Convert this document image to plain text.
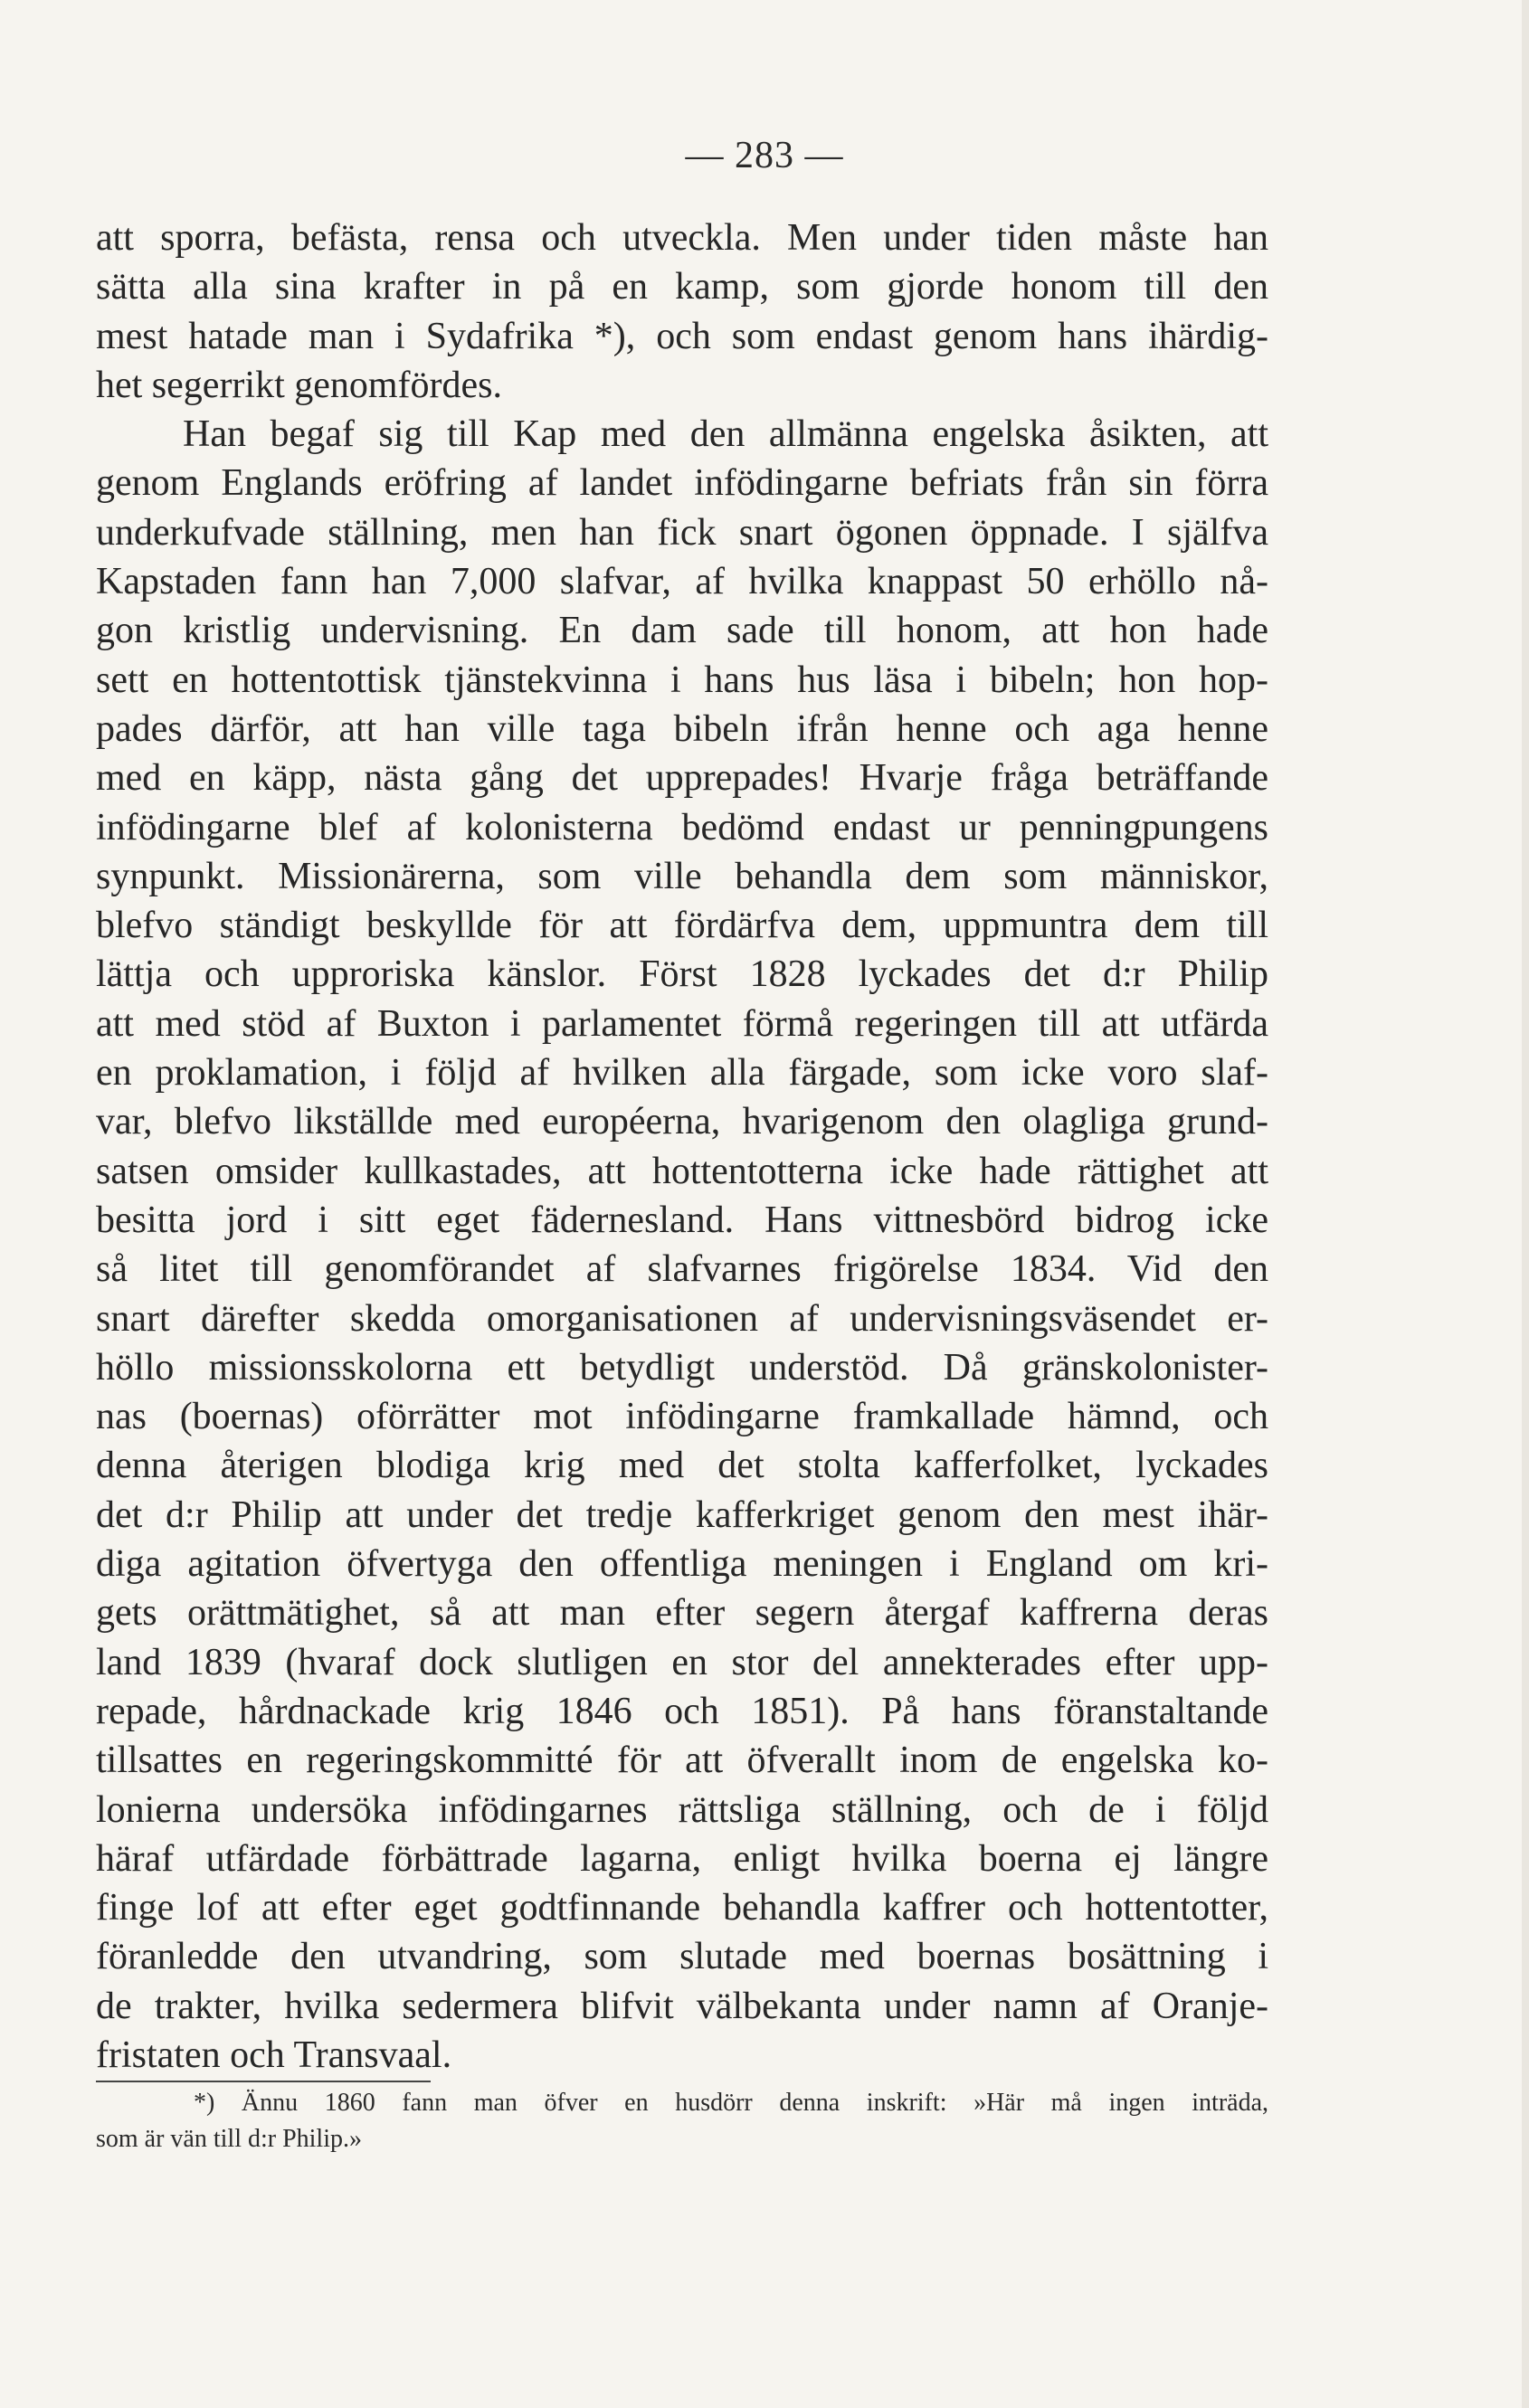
— 283 —
att sporra, befästa, rensa och utveckla. Men under tiden måste han
sätta alla sina krafter in på en kamp, som gjorde honom till den
mest hatade man i Sydafrika *), och som endast genom hans ihärdig-
het segerrikt genomfördes.
Han begaf sig till Kap med den allmänna engelska åsikten, att
genom Englands eröfring af landet infödingarne befriats från sin förra
underkufvade ställning, men han fick snart ögonen öppnade. I själfva
Kapstaden fann han 7,000 slafvar, af hvilka knappast 50 erhöllo nå-
gon kristlig undervisning. En dam sade till honom, att hon hade
sett en hottentottisk tjänstekvinna i hans hus läsa i bibeln; hon hop-
pades därför, att han ville taga bibeln ifrån henne och aga henne
med en käpp, nästa gång det upprepades! Hvarje fråga beträffande
infödingarne blef af kolonisterna bedömd endast ur penningpungens
synpunkt. Missionärerna, som ville behandla dem som människor,
blefvo ständigt beskyllde för att fördärfva dem, uppmuntra dem till
lättja och upproriska känslor. Först 1828 lyckades det d:r Philip
att med stöd af Buxton i parlamentet förmå regeringen till att utfärda
en proklamation, i följd af hvilken alla färgade, som icke voro slaf-
var, blefvo likställde med européerna, hvarigenom den olagliga grund-
satsen omsider kullkastades, att hottentotterna icke hade rättighet att
besitta jord i sitt eget fädernesland. Hans vittnesbörd bidrog icke
så litet till genomförandet af slafvarnes frigörelse 1834. Vid den
snart därefter skedda omorganisationen af undervisningsväsendet er-
höllo missionsskolorna ett betydligt understöd. Då gränskolonister-
nas (boernas) oförrätter mot infödingarne framkallade hämnd, och
denna återigen blodiga krig med det stolta kafferfolket, lyckades
det d:r Philip att under det tredje kafferkriget genom den mest ihär-
diga agitation öfvertyga den offentliga meningen i England om kri-
gets orättmätighet, så att man efter segern återgaf kaffrerna deras
land 1839 (hvaraf dock slutligen en stor del annekterades efter upp-
repade, hårdnackade krig 1846 och 1851). På hans föranstaltande
tillsattes en regeringskommitté för att öfverallt inom de engelska ko-
lonierna undersöka infödingarnes rättsliga ställning, och de i följd
häraf utfärdade förbättrade lagarna, enligt hvilka boerna ej längre
finge lof att efter eget godtfinnande behandla kaffrer och hottentotter,
föranledde den utvandring, som slutade med boernas bosättning i
de trakter, hvilka sedermera blifvit välbekanta under namn af Oranje-
fristaten och Transvaal.
*) Ännu 1860 fann man öfver en husdörr denna inskrift: »Här må ingen inträda,
som är vän till d:r Philip.»
